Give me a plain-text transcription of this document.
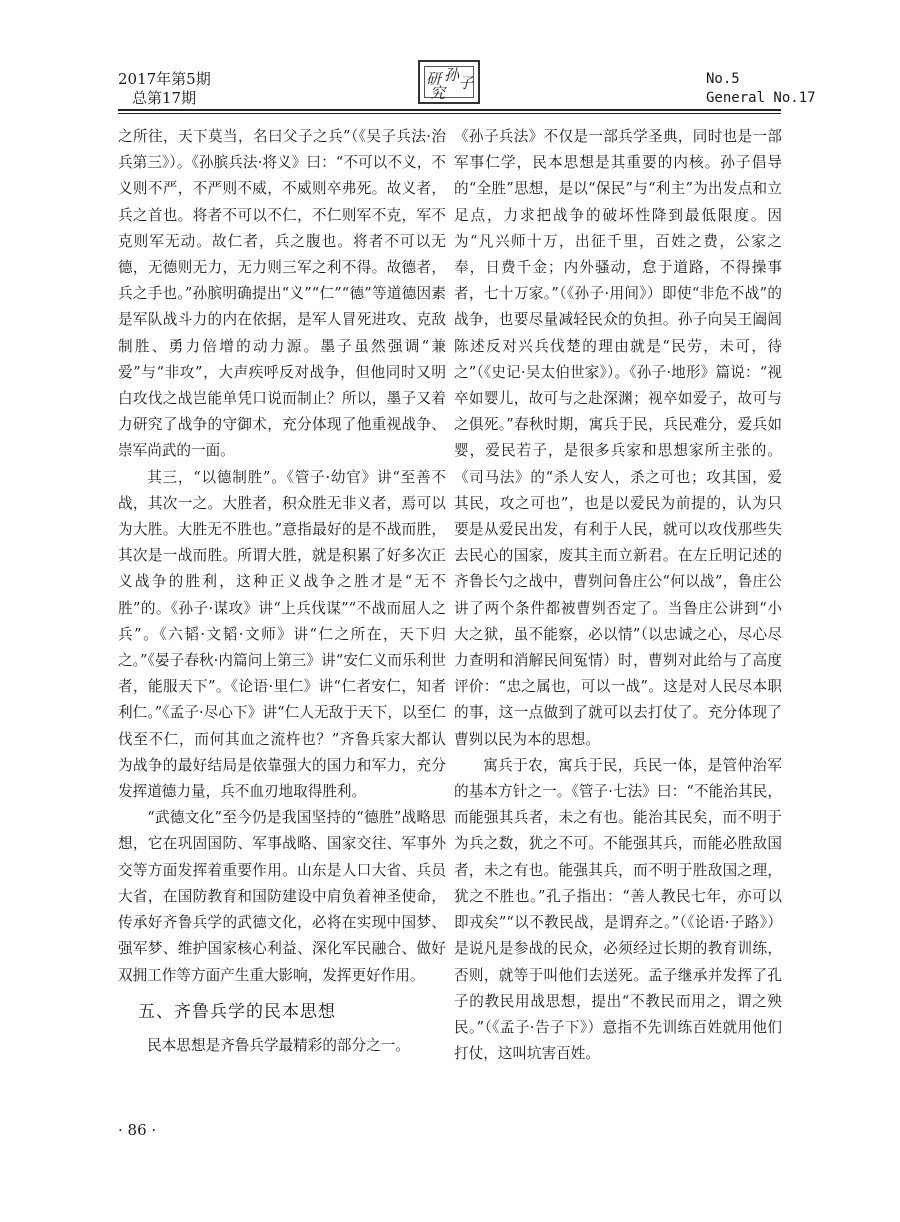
2017年第5期
总第17期
孙
子
研
究
No.5
General No.17

之所往，天下莫当，名曰父子之兵”（《吴子兵法·治兵第三》）。《孙膑兵法·将义》曰：“不可以不义，不义则不严，不严则不威，不威则卒弗死。故义者，兵之首也。将者不可以不仁，不仁则军不克，军不克则军无动。故仁者，兵之腹也。将者不可以无德，无德则无力，无力则三军之利不得。故德者，兵之手也。”孙膑明确提出“义”“仁”“德”等道德因素是军队战斗力的内在依据，是军人冒死进攻、克敌制胜、勇力倍增的动力源。墨子虽然强调“兼爱”与“非攻”，大声疾呼反对战争，但他同时又明白攻伐之战岂能单凭口说而制止？所以，墨子又着力研究了战争的守御术，充分体现了他重视战争、崇军尚武的一面。

其三，“以德制胜”。《管子·幼官》讲“至善不战，其次一之。大胜者，积众胜无非义者，焉可以为大胜。大胜无不胜也。”意指最好的是不战而胜，其次是一战而胜。所谓大胜，就是积累了好多次正义战争的胜利，这种正义战争之胜才是“无不胜”的。《孙子·谋攻》讲“上兵伐谋”“不战而屈人之兵”。《六韬·文韬·文师》讲“仁之所在，天下归之。”《晏子春秋·内篇问上第三》讲“安仁义而乐利世者，能服天下”。《论语·里仁》讲“仁者安仁，知者利仁。”《孟子·尽心下》讲“仁人无敌于天下，以至仁伐至不仁，而何其血之流杵也？”齐鲁兵家大都认为战争的最好结局是依靠强大的国力和军力，充分发挥道德力量，兵不血刃地取得胜利。

“武德文化”至今仍是我国坚持的“德胜”战略思想，它在巩固国防、军事战略、国家交往、军事外交等方面发挥着重要作用。山东是人口大省、兵员大省，在国防教育和国防建设中肩负着神圣使命，传承好齐鲁兵学的武德文化，必将在实现中国梦、强军梦、维护国家核心利益、深化军民融合、做好双拥工作等方面产生重大影响，发挥更好作用。

五、齐鲁兵学的民本思想

民本思想是齐鲁兵学最精彩的部分之一。

《孙子兵法》不仅是一部兵学圣典，同时也是一部军事仁学，民本思想是其重要的内核。孙子倡导的“全胜”思想，是以“保民”与“利主”为出发点和立足点，力求把战争的破坏性降到最低限度。因为“凡兴师十万，出征千里，百姓之费，公家之奉，日费千金；内外骚动，怠于道路，不得操事者，七十万家。”（《孙子·用间》）即使“非危不战”的战争，也要尽量减轻民众的负担。孙子向吴王阖闾陈述反对兴兵伐楚的理由就是“民劳，未可，待之”（《史记·吴太伯世家》）。《孙子·地形》篇说：“视卒如婴儿，故可与之赴深渊；视卒如爱子，故可与之俱死。”春秋时期，寓兵于民，兵民难分，爱兵如婴，爱民若子，是很多兵家和思想家所主张的。《司马法》的“杀人安人，杀之可也；攻其国，爱其民，攻之可也”，也是以爱民为前提的，认为只要是从爱民出发，有利于人民，就可以攻伐那些失去民心的国家，废其主而立新君。在左丘明记述的齐鲁长勺之战中，曹刿问鲁庄公“何以战”，鲁庄公讲了两个条件都被曹刿否定了。当鲁庄公讲到“小大之狱，虽不能察，必以情”（以忠诚之心，尽心尽力查明和消解民间冤情）时，曹刿对此给与了高度评价：“忠之属也，可以一战”。这是对人民尽本职的事，这一点做到了就可以去打仗了。充分体现了曹刿以民为本的思想。

寓兵于农，寓兵于民，兵民一体，是管仲治军的基本方针之一。《管子·七法》曰：“不能治其民，而能强其兵者，未之有也。能治其民矣，而不明于为兵之数，犹之不可。不能强其兵，而能必胜敌国者，未之有也。能强其兵，而不明于胜敌国之理，犹之不胜也。”孔子指出：“善人教民七年，亦可以即戎矣”“以不教民战，是谓弃之。”（《论语·子路》）是说凡是参战的民众，必须经过长期的教育训练，否则，就等于叫他们去送死。孟子继承并发挥了孔子的教民用战思想，提出“不教民而用之，谓之殃民。”（《孟子·告子下》）意指不先训练百姓就用他们打仗，这叫坑害百姓。

· 86 ·
